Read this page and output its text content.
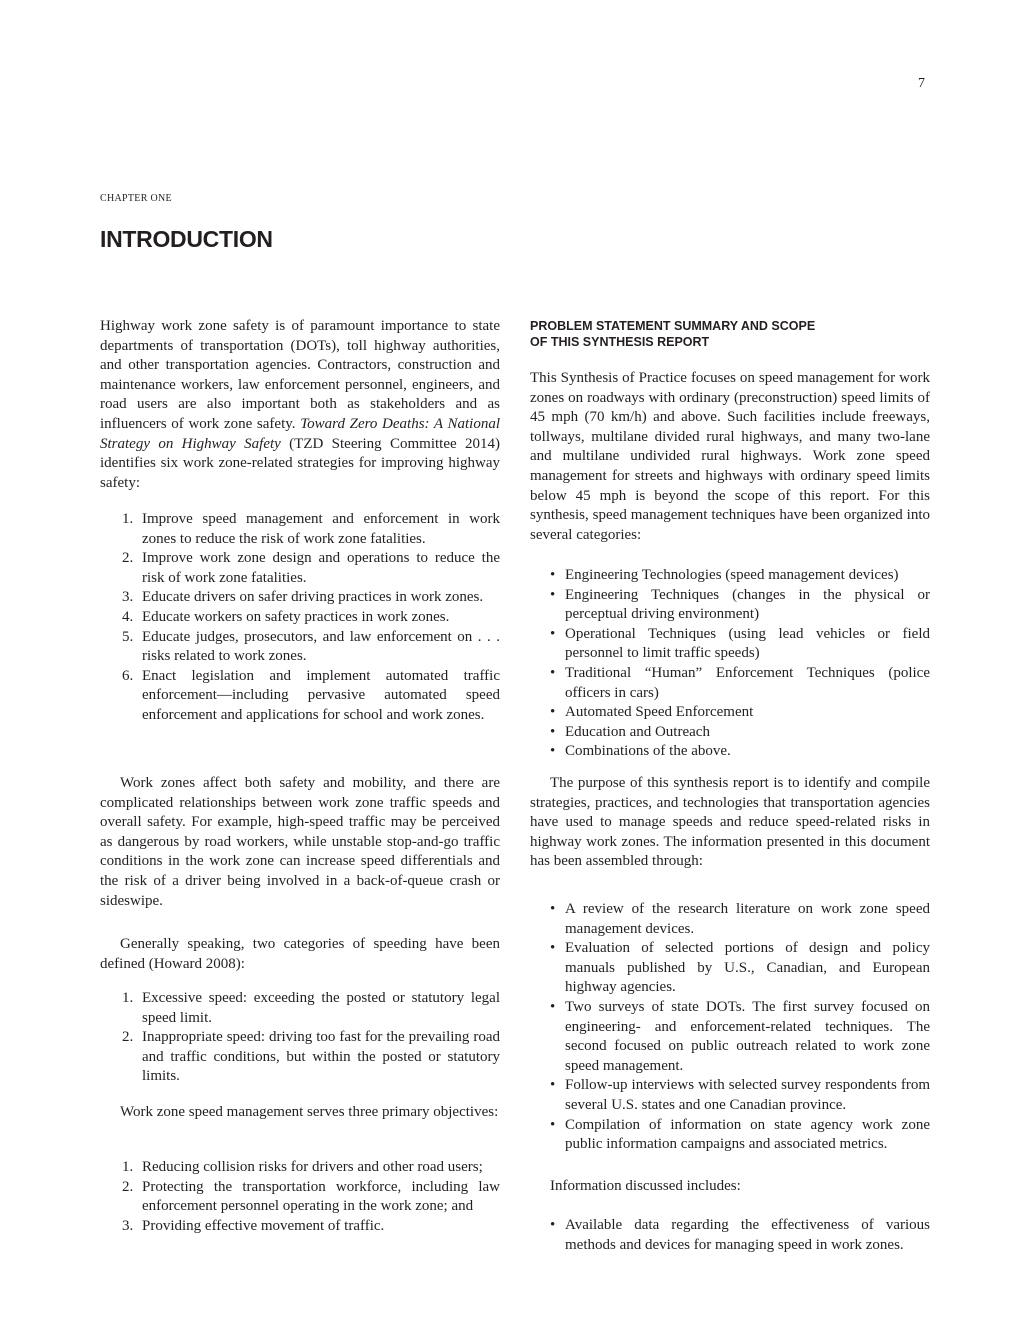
7
CHAPTER ONE
INTRODUCTION

Highway work zone safety is of paramount importance to state departments of transportation (DOTs), toll highway authorities, and other transportation agencies. Contractors, construction and maintenance workers, law enforcement personnel, engineers, and road users are also important both as stakeholders and as influencers of work zone safety. Toward Zero Deaths: A National Strategy on Highway Safety (TZD Steering Committee 2014) identifies six work zone-related strategies for improving highway safety:

1. Improve speed management and enforcement in work zones to reduce the risk of work zone fatalities.
2. Improve work zone design and operations to reduce the risk of work zone fatalities.
3. Educate drivers on safer driving practices in work zones.
4. Educate workers on safety practices in work zones.
5. Educate judges, prosecutors, and law enforcement on . . . risks related to work zones.
6. Enact legislation and implement automated traffic enforcement—including pervasive automated speed enforcement and applications for school and work zones.

Work zones affect both safety and mobility, and there are complicated relationships between work zone traffic speeds and overall safety. For example, high-speed traffic may be perceived as dangerous by road workers, while unstable stop-and-go traffic conditions in the work zone can increase speed differentials and the risk of a driver being involved in a back-of-queue crash or sideswipe.

Generally speaking, two categories of speeding have been defined (Howard 2008):

1. Excessive speed: exceeding the posted or statutory legal speed limit.
2. Inappropriate speed: driving too fast for the prevailing road and traffic conditions, but within the posted or statutory limits.

Work zone speed management serves three primary objectives:

1. Reducing collision risks for drivers and other road users;
2. Protecting the transportation workforce, including law enforcement personnel operating in the work zone; and
3. Providing effective movement of traffic.
PROBLEM STATEMENT SUMMARY AND SCOPE
OF THIS SYNTHESIS REPORT

This Synthesis of Practice focuses on speed management for work zones on roadways with ordinary (preconstruction) speed limits of 45 mph (70 km/h) and above. Such facilities include freeways, tollways, multilane divided rural highways, and many two-lane and multilane undivided rural highways. Work zone speed management for streets and highways with ordinary speed limits below 45 mph is beyond the scope of this report. For this synthesis, speed management techniques have been organized into several categories:

• Engineering Technologies (speed management devices)
• Engineering Techniques (changes in the physical or perceptual driving environment)
• Operational Techniques (using lead vehicles or field personnel to limit traffic speeds)
• Traditional “Human” Enforcement Techniques (police officers in cars)
• Automated Speed Enforcement
• Education and Outreach
• Combinations of the above.

The purpose of this synthesis report is to identify and compile strategies, practices, and technologies that transportation agencies have used to manage speeds and reduce speed-related risks in highway work zones. The information presented in this document has been assembled through:

• A review of the research literature on work zone speed management devices.
• Evaluation of selected portions of design and policy manuals published by U.S., Canadian, and European highway agencies.
• Two surveys of state DOTs. The first survey focused on engineering- and enforcement-related techniques. The second focused on public outreach related to work zone speed management.
• Follow-up interviews with selected survey respondents from several U.S. states and one Canadian province.
• Compilation of information on state agency work zone public information campaigns and associated metrics.

Information discussed includes:

• Available data regarding the effectiveness of various methods and devices for managing speed in work zones.
